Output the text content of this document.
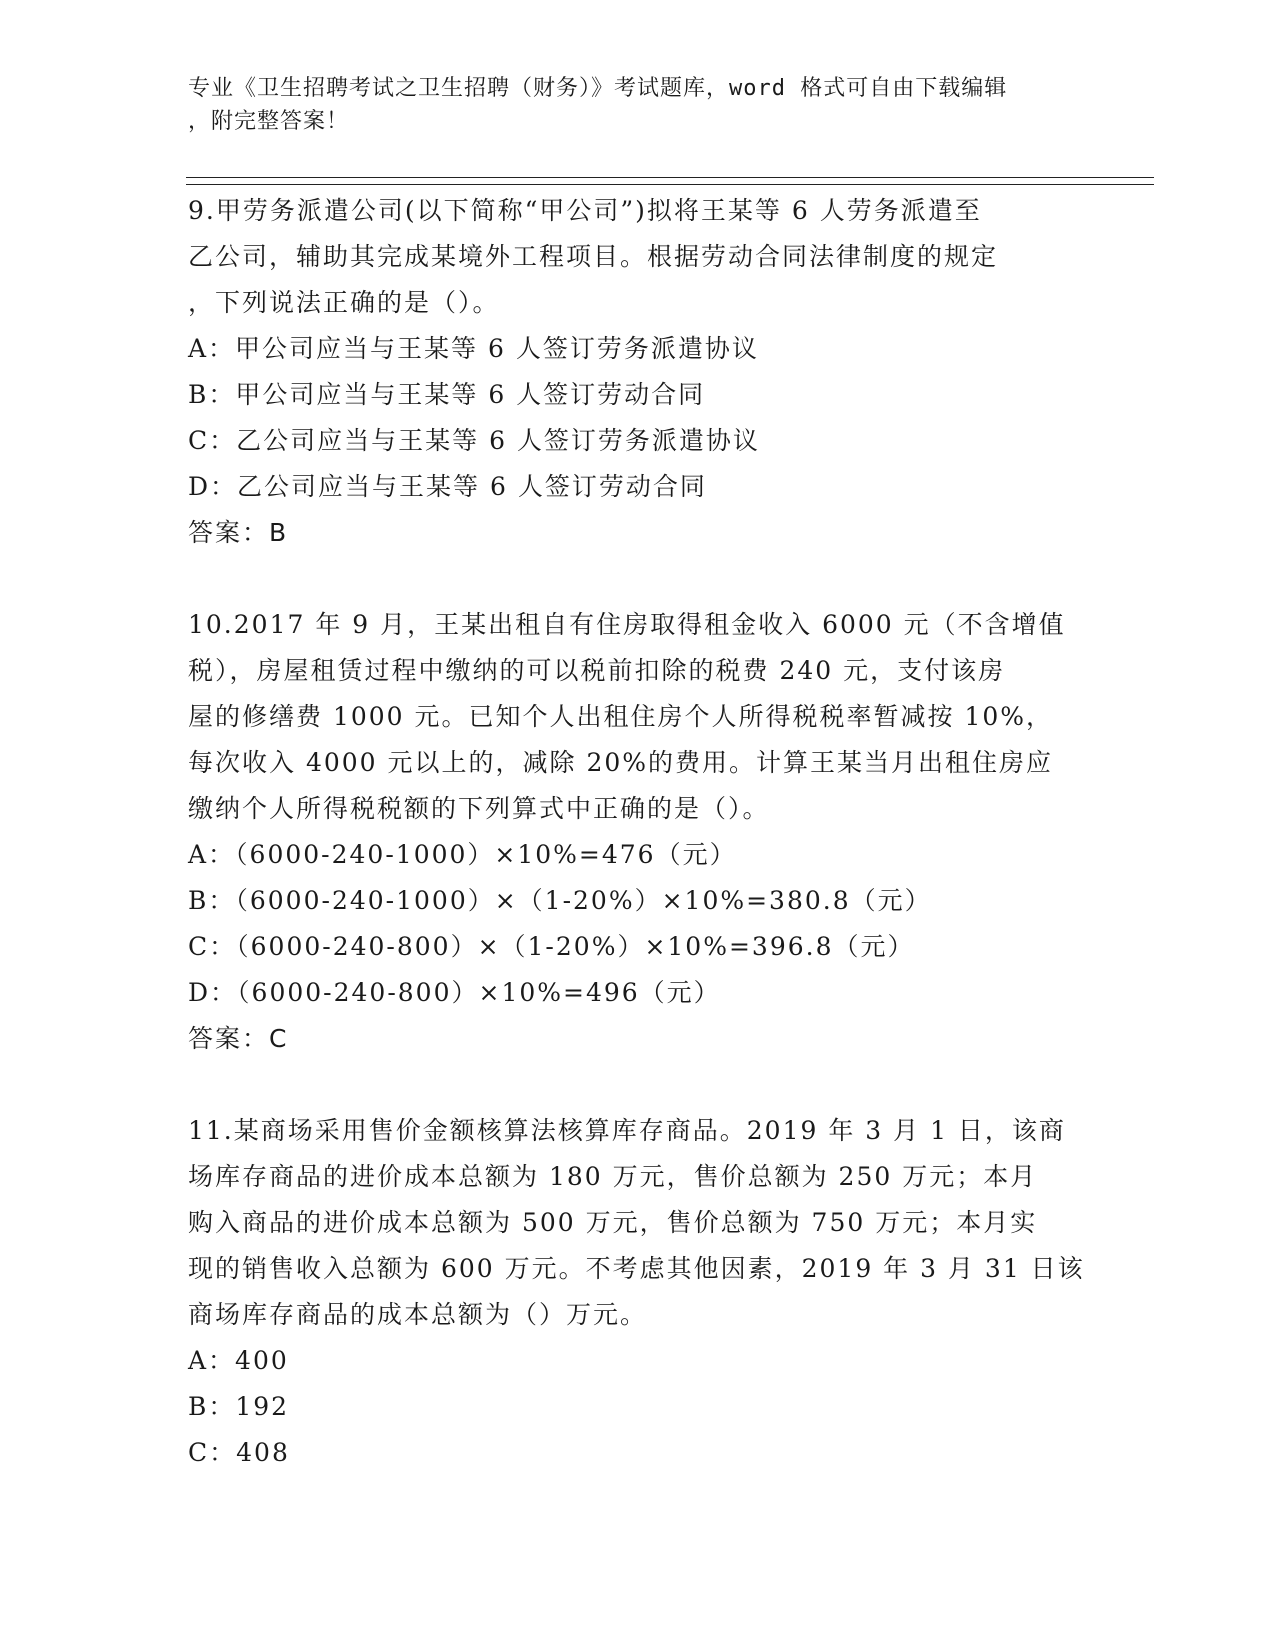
专业《卫生招聘考试之卫生招聘（财务）》考试题库，word 格式可自由下载编辑
，附完整答案！
9.甲劳务派遣公司(以下简称“甲公司”)拟将王某等 6 人劳务派遣至
乙公司，辅助其完成某境外工程项目。根据劳动合同法律制度的规定
，下列说法正确的是（）。
A：甲公司应当与王某等 6 人签订劳务派遣协议
B：甲公司应当与王某等 6 人签订劳动合同
C：乙公司应当与王某等 6 人签订劳务派遣协议
D：乙公司应当与王某等 6 人签订劳动合同
答案：B
10.2017 年 9 月，王某出租自有住房取得租金收入 6000 元（不含增值
税），房屋租赁过程中缴纳的可以税前扣除的税费 240 元，支付该房
屋的修缮费 1000 元。已知个人出租住房个人所得税税率暂减按 10%，
每次收入 4000 元以上的，减除 20%的费用。计算王某当月出租住房应
缴纳个人所得税税额的下列算式中正确的是（）。
A：（6000-240-1000）×10%=476（元）
B：（6000-240-1000）×（1-20%）×10%=380.8（元）
C：（6000-240-800）×（1-20%）×10%=396.8（元）
D：（6000-240-800）×10%=496（元）
答案：C
11.某商场采用售价金额核算法核算库存商品。2019 年 3 月 1 日，该商
场库存商品的进价成本总额为 180 万元，售价总额为 250 万元；本月
购入商品的进价成本总额为 500 万元，售价总额为 750 万元；本月实
现的销售收入总额为 600 万元。不考虑其他因素，2019 年 3 月 31 日该
商场库存商品的成本总额为（）万元。
A：400
B：192
C：408
